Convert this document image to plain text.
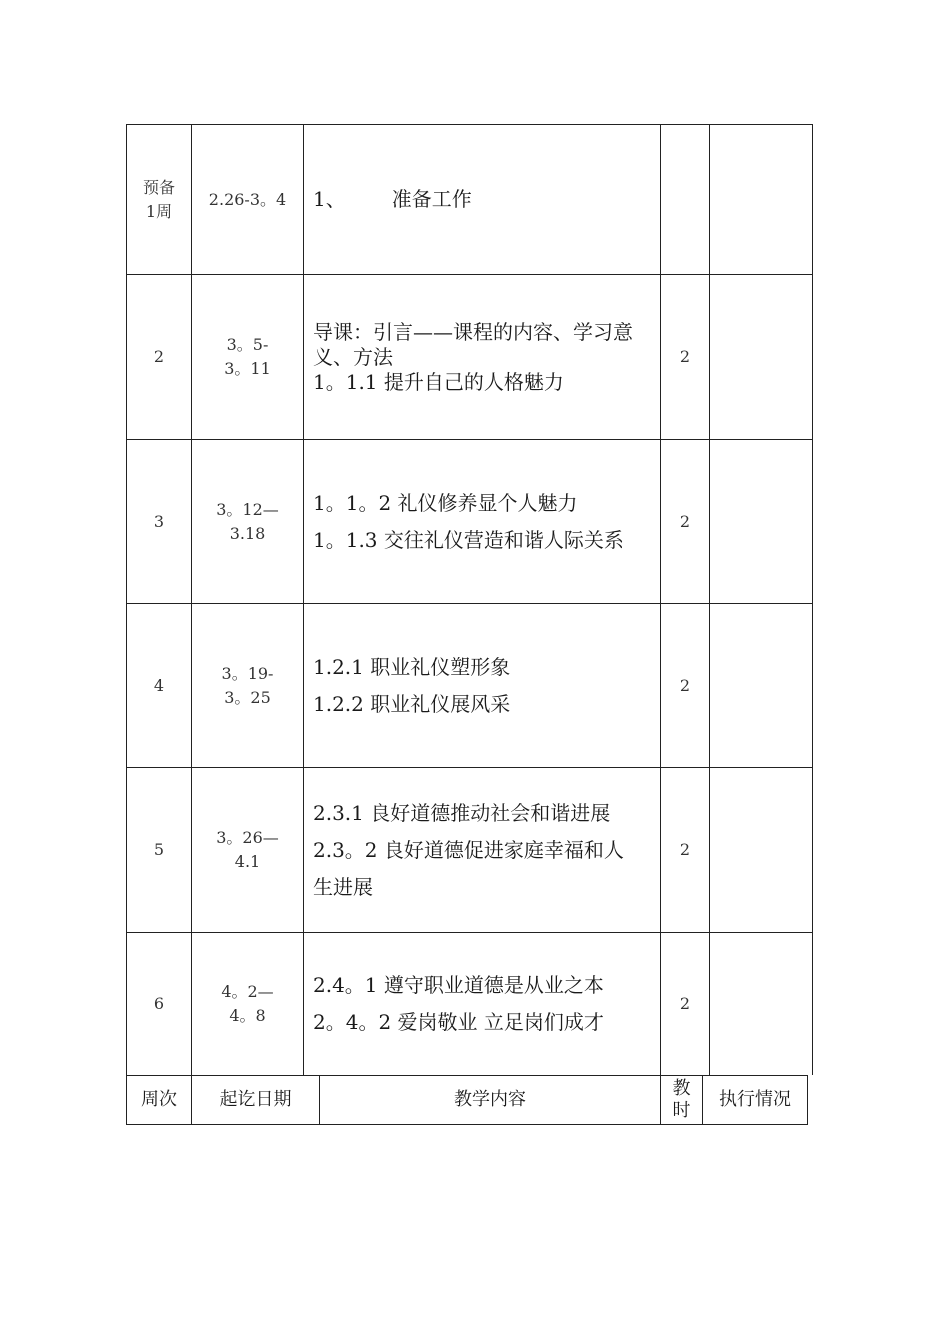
预备
1周
2.26-3。4 1、 准备工作
2
3。5-
3。11
导课：引言——课程的内容、学习意义、方法
1。1.1 提升自己的人格魅力
2
3
3。12—
3.18
1。1。2 礼仪修养显个人魅力
1。1.3 交往礼仪营造和谐人际关系
2
4
3。19-
3。25
1.2.1 职业礼仪塑形象
1.2.2 职业礼仪展风采
2
5
3。26—
4.1
2.3.1 良好道德推动社会和谐进展
2.3。2 良好道德促进家庭幸福和人
生进展
2
6
4。2—
4。8
2.4。1 遵守职业道德是从业之本
2。4。2 爱岗敬业 立足岗们成才
2
周次 起讫日期	教学内容
教
时
执行情况
